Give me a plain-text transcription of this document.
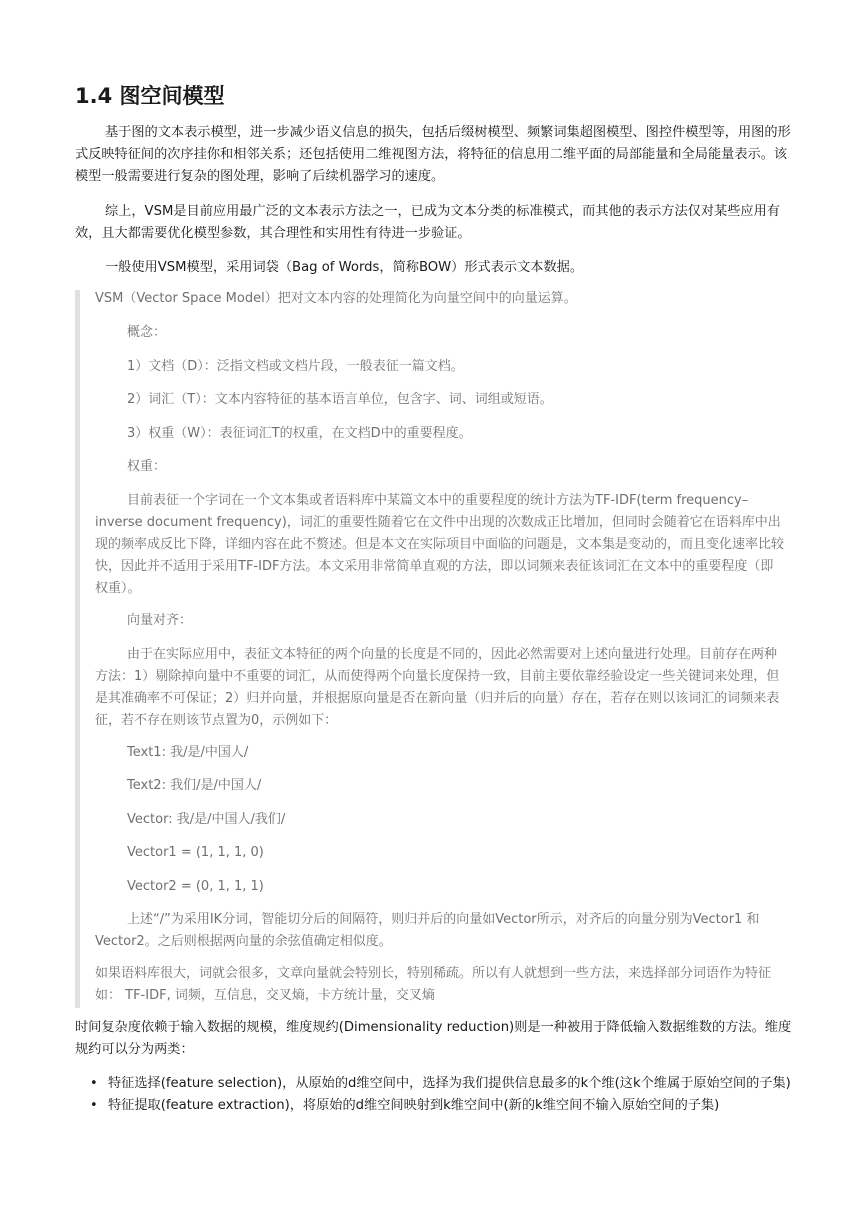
1.4 图空间模型

基于图的文本表示模型，进一步减少语义信息的损失，包括后缀树模型、频繁词集超图模型、图控件模型等，用图的形式反映特征间的次序挂你和相邻关系；还包括使用二维视图方法，将特征的信息用二维平面的局部能量和全局能量表示。该模型一般需要进行复杂的图处理，影响了后续机器学习的速度。

综上，VSM是目前应用最广泛的文本表示方法之一，已成为文本分类的标准模式，而其他的表示方法仅对某些应用有效，且大都需要优化模型参数，其合理性和实用性有待进一步验证。

一般使用VSM模型，采用词袋（Bag of Words，简称BOW）形式表示文本数据。

VSM（Vector Space Model）把对文本内容的处理简化为向量空间中的向量运算。

概念：

1）文档（D）：泛指文档或文档片段，一般表征一篇文档。

2）词汇（T）：文本内容特征的基本语言单位，包含字、词、词组或短语。

3）权重（W）：表征词汇T的权重，在文档D中的重要程度。

权重：

目前表征一个字词在一个文本集或者语料库中某篇文本中的重要程度的统计方法为TF-IDF(term frequency–inverse document frequency)，词汇的重要性随着它在文件中出现的次数成正比增加，但同时会随着它在语料库中出现的频率成反比下降，详细内容在此不赘述。但是本文在实际项目中面临的问题是，文本集是变动的，而且变化速率比较快，因此并不适用于采用TF-IDF方法。本文采用非常简单直观的方法，即以词频来表征该词汇在文本中的重要程度（即权重）。

向量对齐：

由于在实际应用中，表征文本特征的两个向量的长度是不同的，因此必然需要对上述向量进行处理。目前存在两种方法：1）剔除掉向量中不重要的词汇，从而使得两个向量长度保持一致，目前主要依靠经验设定一些关键词来处理，但是其准确率不可保证；2）归并向量，并根据原向量是否在新向量（归并后的向量）存在，若存在则以该词汇的词频来表征，若不存在则该节点置为0，示例如下：

Text1: 我/是/中国人/

Text2: 我们/是/中国人/

Vector: 我/是/中国人/我们/

Vector1 = (1, 1, 1, 0)

Vector2 = (0, 1, 1, 1)

上述“/”为采用IK分词，智能切分后的间隔符，则归并后的向量如Vector所示，对齐后的向量分别为Vector1 和Vector2。之后则根据两向量的余弦值确定相似度。

如果语料库很大，词就会很多，文章向量就会特别长，特别稀疏。所以有人就想到一些方法，来选择部分词语作为特征如： TF-IDF, 词频，互信息，交叉熵，卡方统计量，交叉熵

时间复杂度依赖于输入数据的规模，维度规约(Dimensionality reduction)则是一种被用于降低输入数据维数的方法。维度规约可以分为两类：

• 特征选择(feature selection)，从原始的d维空间中，选择为我们提供信息最多的k个维(这k个维属于原始空间的子集)
• 特征提取(feature extraction)，将原始的d维空间映射到k维空间中(新的k维空间不输入原始空间的子集)
